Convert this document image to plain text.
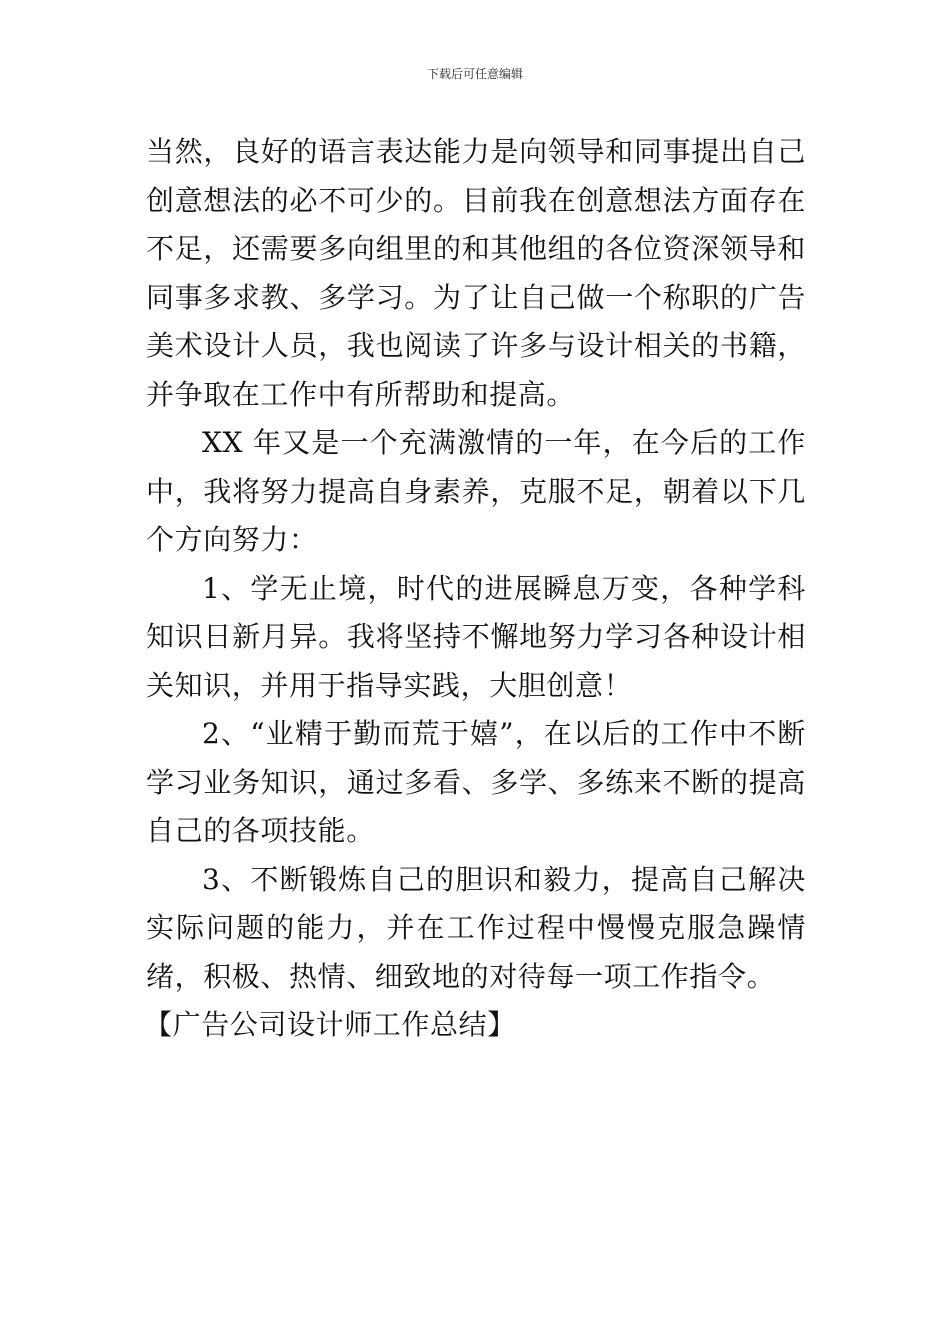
下载后可任意编辑

当然，良好的语言表达能力是向领导和同事提出自己创意想法的必不可少的。目前我在创意想法方面存在不足，还需要多向组里的和其他组的各位资深领导和同事多求教、多学习。为了让自己做一个称职的广告美术设计人员，我也阅读了许多与设计相关的书籍，并争取在工作中有所帮助和提高。

XX 年又是一个充满激情的一年，在今后的工作中，我将努力提高自身素养，克服不足，朝着以下几个方向努力：

1、学无止境，时代的进展瞬息万变，各种学科知识日新月异。我将坚持不懈地努力学习各种设计相关知识，并用于指导实践，大胆创意！

2、“业精于勤而荒于嬉”，在以后的工作中不断学习业务知识，通过多看、多学、多练来不断的提高自己的各项技能。

3、不断锻炼自己的胆识和毅力，提高自己解决实际问题的能力，并在工作过程中慢慢克服急躁情绪，积极、热情、细致地的对待每一项工作指令。

【广告公司设计师工作总结】
